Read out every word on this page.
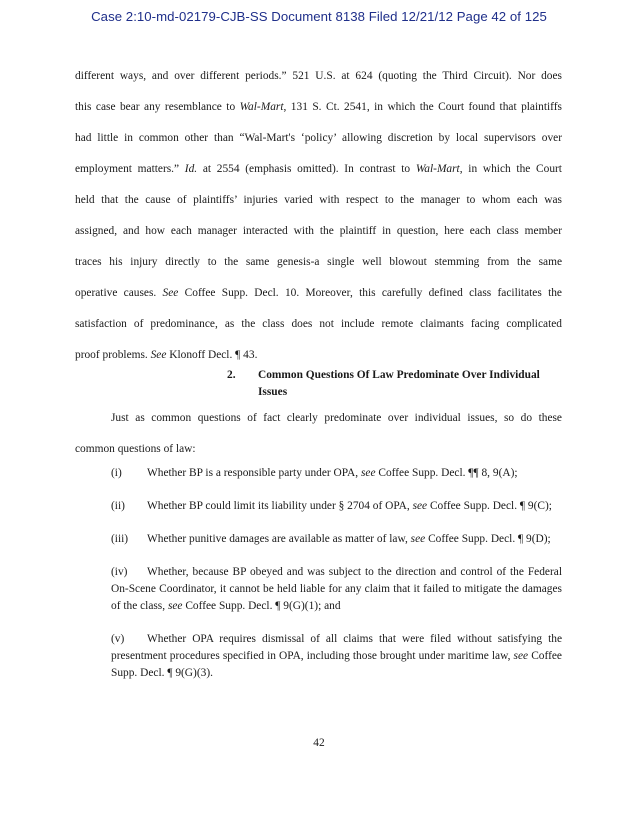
Case 2:10-md-02179-CJB-SS Document 8138 Filed 12/21/12 Page 42 of 125

different ways, and over different periods.” 521 U.S. at 624 (quoting the Third Circuit). Nor does

this case bear any resemblance to Wal-Mart, 131 S. Ct. 2541, in which the Court found that plaintiffs

had little in common other than “Wal-Mart's ‘policy’ allowing discretion by local supervisors over

employment matters.” Id. at 2554 (emphasis omitted). In contrast to Wal-Mart, in which the Court

held that the cause of plaintiffs’ injuries varied with respect to the manager to whom each was

assigned, and how each manager interacted with the plaintiff in question, here each class member

traces his injury directly to the same genesis-a single well blowout stemming from the same

operative causes. See Coffee Supp. Decl. 10. Moreover, this carefully defined class facilitates the

satisfaction of predominance, as the class does not include remote claimants facing complicated

proof problems. See Klonoff Decl. ¶ 43.

2. Common Questions Of Law Predominate Over Individual Issues

Just as common questions of fact clearly predominate over individual issues, so do these

common questions of law:

(i) Whether BP is a responsible party under OPA, see Coffee Supp. Decl. ¶¶ 8, 9(A);

(ii) Whether BP could limit its liability under § 2704 of OPA, see Coffee Supp. Decl. ¶ 9(C);

(iii) Whether punitive damages are available as matter of law, see Coffee Supp. Decl. ¶ 9(D);

(iv) Whether, because BP obeyed and was subject to the direction and control of the Federal On-Scene Coordinator, it cannot be held liable for any claim that it failed to mitigate the damages of the class, see Coffee Supp. Decl. ¶ 9(G)(1); and

(v) Whether OPA requires dismissal of all claims that were filed without satisfying the presentment procedures specified in OPA, including those brought under maritime law, see Coffee Supp. Decl. ¶ 9(G)(3).

42
